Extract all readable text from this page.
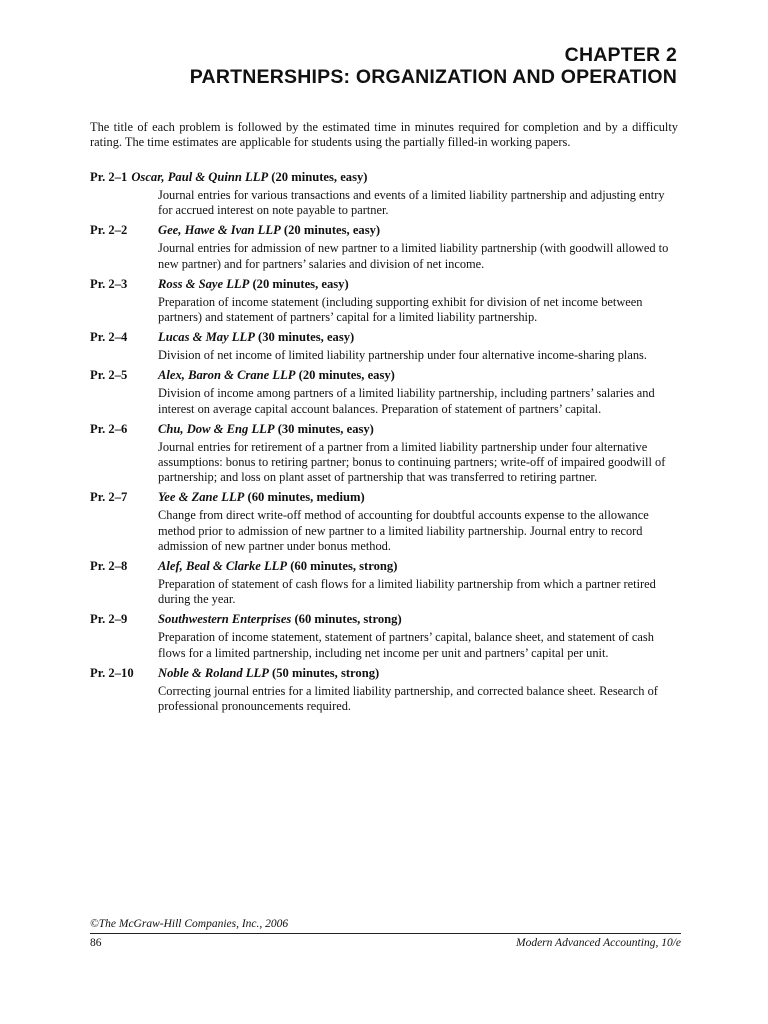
CHAPTER 2
PARTNERSHIPS: ORGANIZATION AND OPERATION
The title of each problem is followed by the estimated time in minutes required for completion and by a difficulty rating. The time estimates are applicable for students using the partially filled-in working papers.
Pr. 2–1 Oscar, Paul & Quinn LLP (20 minutes, easy)
Journal entries for various transactions and events of a limited liability partnership and adjusting entry for accrued interest on note payable to partner.
Pr. 2–2	Gee, Hawe & Ivan LLP (20 minutes, easy)
Journal entries for admission of new partner to a limited liability partnership (with goodwill allowed to new partner) and for partners’ salaries and division of net income.
Pr. 2–3	Ross & Saye LLP (20 minutes, easy)
Preparation of income statement (including supporting exhibit for division of net income between partners) and statement of partners’ capital for a limited liability partnership.
Pr. 2–4	Lucas & May LLP (30 minutes, easy)
Division of net income of limited liability partnership under four alternative income-sharing plans.
Pr. 2–5	Alex, Baron & Crane LLP (20 minutes, easy)
Division of income among partners of a limited liability partnership, including partners’ salaries and interest on average capital account balances. Preparation of statement of partners’ capital.
Pr. 2–6	Chu, Dow & Eng LLP (30 minutes, easy)
Journal entries for retirement of a partner from a limited liability partnership under four alternative assumptions: bonus to retiring partner; bonus to continuing partners; write-off of impaired goodwill of partnership; and loss on plant asset of partnership that was transferred to retiring partner.
Pr. 2–7	Yee & Zane LLP (60 minutes, medium)
Change from direct write-off method of accounting for doubtful accounts expense to the allowance method prior to admission of new partner to a limited liability partnership. Journal entry to record admission of new partner under bonus method.
Pr. 2–8	Alef, Beal & Clarke LLP (60 minutes, strong)
Preparation of statement of cash flows for a limited liability partnership from which a partner retired during the year.
Pr. 2–9	Southwestern Enterprises (60 minutes, strong)
Preparation of income statement, statement of partners’ capital, balance sheet, and statement of cash flows for a limited partnership, including net income per unit and partners’ capital per unit.
Pr. 2–10	Noble & Roland LLP (50 minutes, strong)
Correcting journal entries for a limited liability partnership, and corrected balance sheet. Research of professional pronouncements required.
©The McGraw-Hill Companies, Inc., 2006
86	Modern Advanced Accounting, 10/e
